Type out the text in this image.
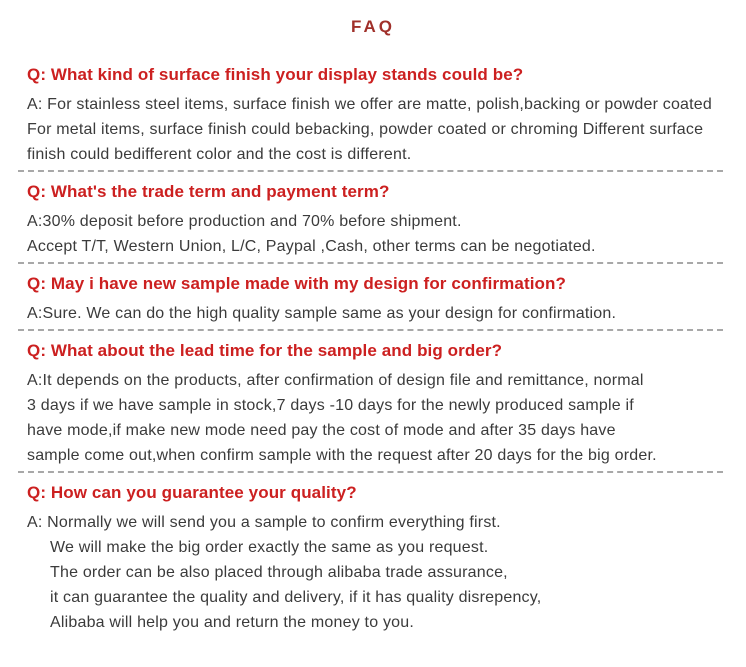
FAQ
Q: What kind of surface finish your display stands could be?
A: For stainless steel items, surface finish we offer are matte, polish,backing or powder coated
For metal items, surface finish could bebacking, powder coated or chroming Different surface
finish could bedifferent color and the cost is different.
Q: What's the trade term and payment term?
A:30% deposit before production and 70% before shipment.
Accept T/T, Western Union, L/C, Paypal ,Cash, other terms can be negotiated.
Q: May i have new sample made with my design for confirmation?
A:Sure. We can do the high quality sample same as your design for confirmation.
Q: What about the lead time for the sample and big order?
A:It depends on the products, after confirmation of design file and remittance, normal
3 days if we have sample in stock,7 days -10 days for the newly produced sample if
have mode,if make new mode need pay the cost of mode and after 35 days have
sample come out,when confirm sample with the request after 20 days for the big order.
Q: How can you guarantee your quality?
A: Normally we will send you a sample to confirm everything first.
We will make the big order exactly the same as you request.
The order can be also placed through alibaba trade assurance,
it can guarantee the quality and delivery, if it has quality disrepency,
Alibaba will help you and return the money to you.
